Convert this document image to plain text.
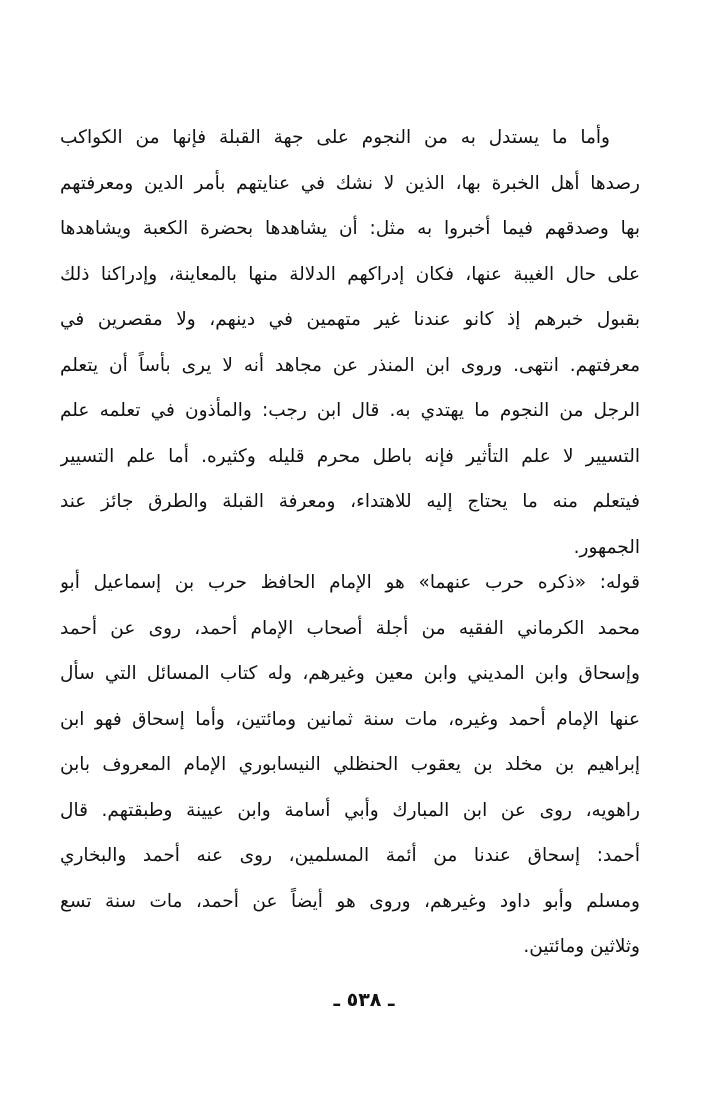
وأما ما يستدل به من النجوم على جهة القبلة فإنها من الكواكب
رصدها أهل الخبرة بها، الذين لا نشك في عنايتهم بأمر الدين ومعرفتهم
بها وصدقهم فيما أخبروا به مثل: أن يشاهدها بحضرة الكعبة ويشاهدها
على حال الغيبة عنها، فكان إدراكهم الدلالة منها بالمعاينة، وإدراكنا ذلك
بقبول خبرهم إذ كانو عندنا غير متهمين في دينهم، ولا مقصرين في
معرفتهم. انتهى. وروى ابن المنذر عن مجاهد أنه لا يرى بأساً أن يتعلم
الرجل من النجوم ما يهتدي به. قال ابن رجب: والمأذون في تعلمه علم
التسيير لا علم التأثير فإنه باطل محرم قليله وكثيره. أما علم التسيير
فيتعلم منه ما يحتاج إليه للاهتداء، ومعرفة القبلة والطرق جائز عند
الجمهور.
قوله: «ذكره حرب عنهما» هو الإمام الحافظ حرب بن إسماعيل أبو
محمد الكرماني الفقيه من أجلة أصحاب الإمام أحمد، روى عن أحمد
وإسحاق وابن المديني وابن معين وغيرهم، وله كتاب المسائل التي سأل
عنها الإمام أحمد وغيره، مات سنة ثمانين ومائتين، وأما إسحاق فهو ابن
إبراهيم بن مخلد بن يعقوب الحنظلي النيسابوري الإمام المعروف بابن
راهويه، روى عن ابن المبارك وأبي أسامة وابن عيينة وطبقتهم. قال
أحمد: إسحاق عندنا من أئمة المسلمين، روى عنه أحمد والبخاري
ومسلم وأبو داود وغيرهم، وروى هو أيضاً عن أحمد، مات سنة تسع
وثلاثين ومائتين.
ـ ٥٣٨ ـ
